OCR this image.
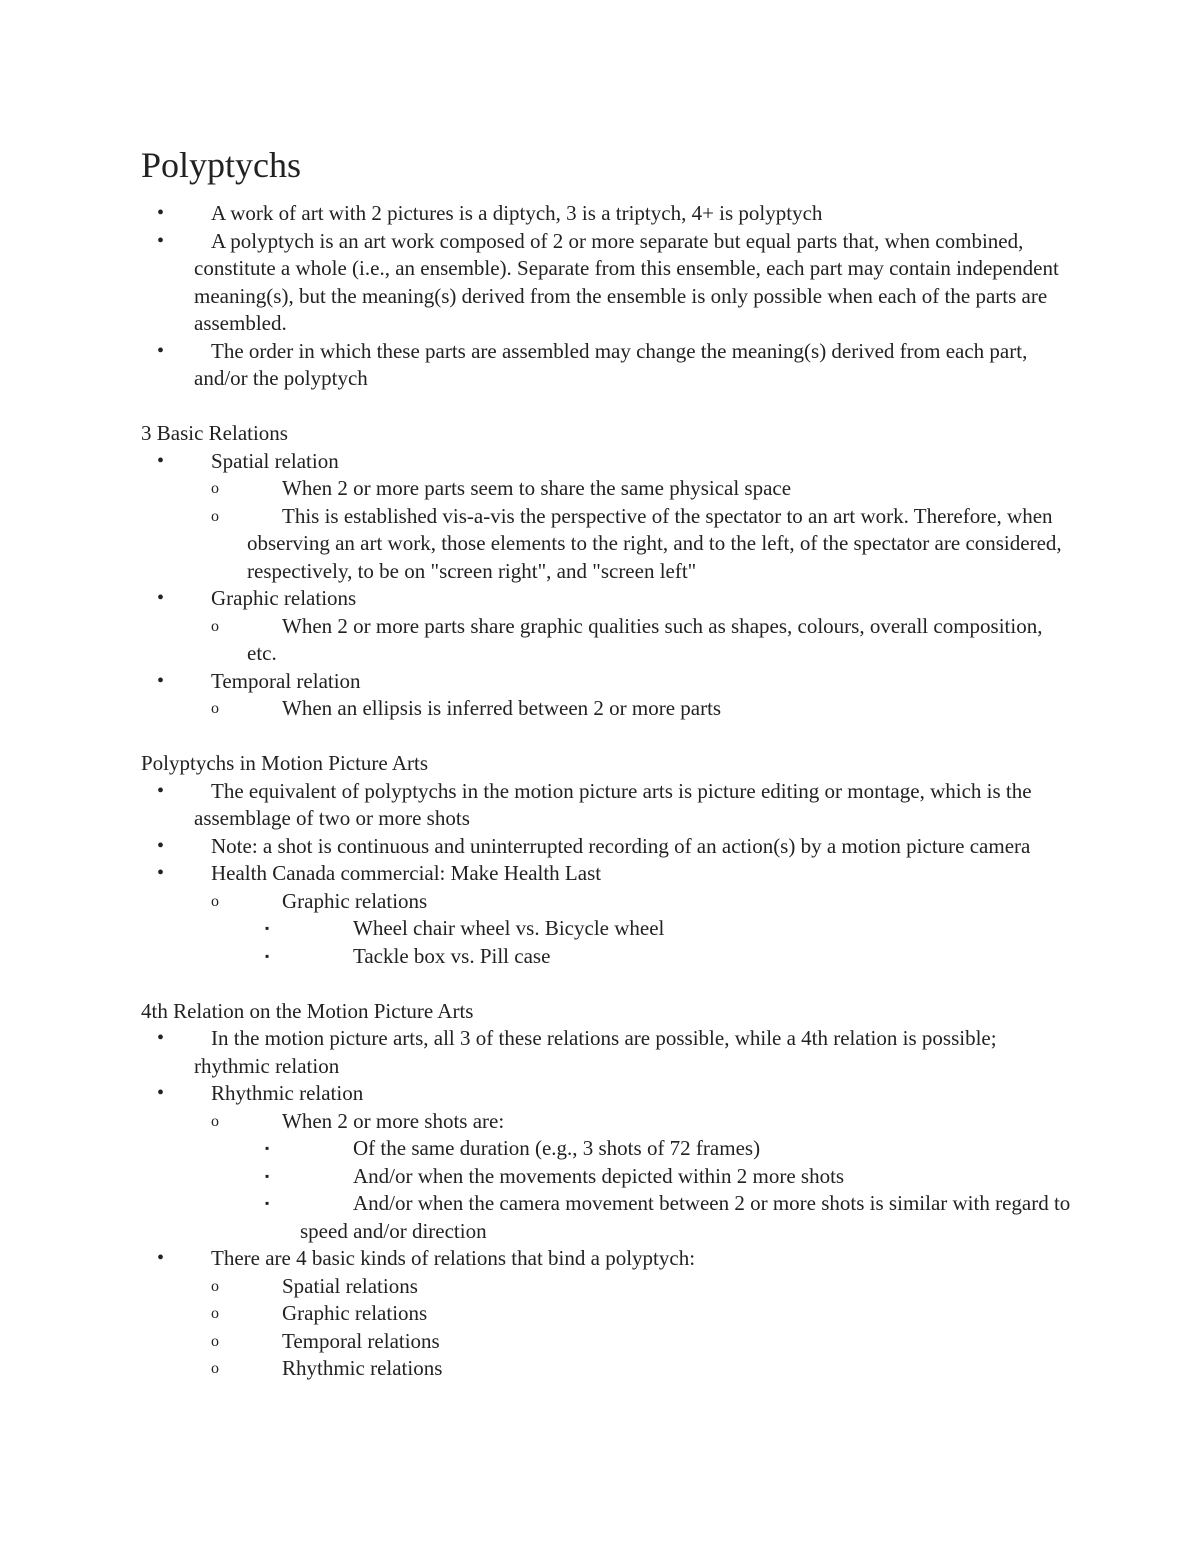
Polyptychs
• A work of art with 2 pictures is a diptych, 3 is a triptych, 4+ is polyptych
• A polyptych is an art work composed of 2 or more separate but equal parts that, when combined, constitute a whole (i.e., an ensemble). Separate from this ensemble, each part may contain independent meaning(s), but the meaning(s) derived from the ensemble is only possible when each of the parts are assembled.
• The order in which these parts are assembled may change the meaning(s) derived from each part, and/or the polyptych

3 Basic Relations

• Spatial relation
o	When 2 or more parts seem to share the same physical space
o	This is established vis-a-vis the perspective of the spectator to an art work. Therefore, when observing an art work, those elements to the right, and to the left, of the spectator are considered, respectively, to be on "screen right", and "screen left"
• Graphic relations
o	When 2 or more parts share graphic qualities such as shapes, colours, overall composition, etc.
• Temporal relation
o	When an ellipsis is inferred between 2 or more parts

Polyptychs in Motion Picture Arts

• The equivalent of polyptychs in the motion picture arts is picture editing or montage, which is the assemblage of two or more shots
• Note: a shot is continuous and uninterrupted recording of an action(s) by a motion picture camera
• Health Canada commercial: Make Health Last
o	Graphic relations
▪	Wheel chair wheel vs. Bicycle wheel
▪	Tackle box vs. Pill case

4th Relation on the Motion Picture Arts

• In the motion picture arts, all 3 of these relations are possible, while a 4th relation is possible; rhythmic relation
• Rhythmic relation
o	When 2 or more shots are:
▪	Of the same duration (e.g., 3 shots of 72 frames)
▪	And/or when the movements depicted within 2 more shots
▪	And/or when the camera movement between 2 or more shots is similar with regard to speed and/or direction
• There are 4 basic kinds of relations that bind a polyptych:
o	Spatial relations
o	Graphic relations
o	Temporal relations
o	Rhythmic relations
